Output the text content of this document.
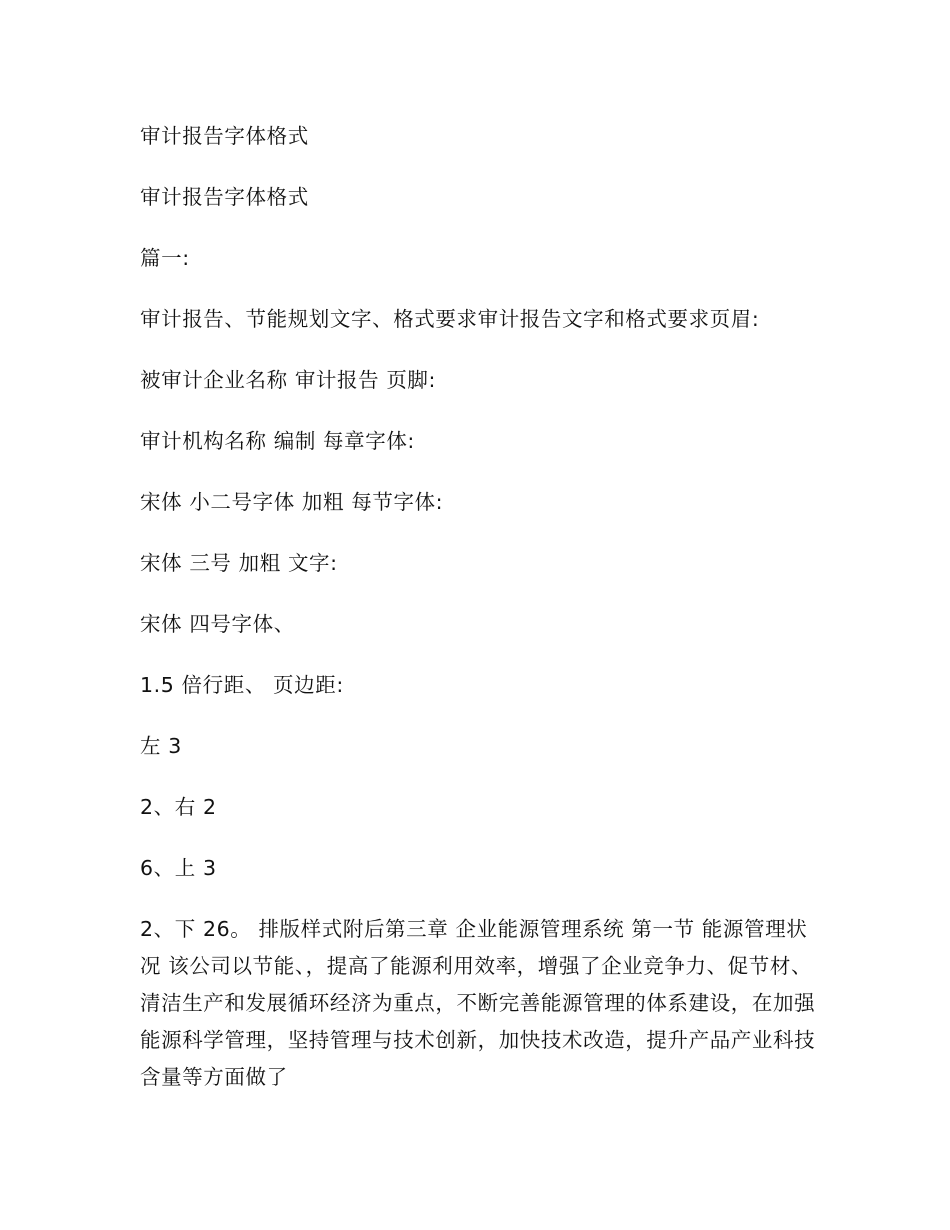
审计报告字体格式

审计报告字体格式

篇一:

审计报告、节能规划文字、格式要求审计报告文字和格式要求页眉:

被审计企业名称 审计报告 页脚:

审计机构名称 编制 每章字体:

宋体 小二号字体 加粗 每节字体:

宋体 三号 加粗 文字:

宋体 四号字体、

1.5 倍行距、 页边距:

左 3

2、右 2

6、上 3

2、下 26。 排版样式附后第三章 企业能源管理系统 第一节 能源管理状况 该公司以节能、，提高了能源利用效率，增强了企业竞争力、促节材、清洁生产和发展循环经济为重点，不断完善能源管理的体系建设，在加强能源科学管理，坚持管理与技术创新，加快技术改造，提升产品产业科技含量等方面做了
